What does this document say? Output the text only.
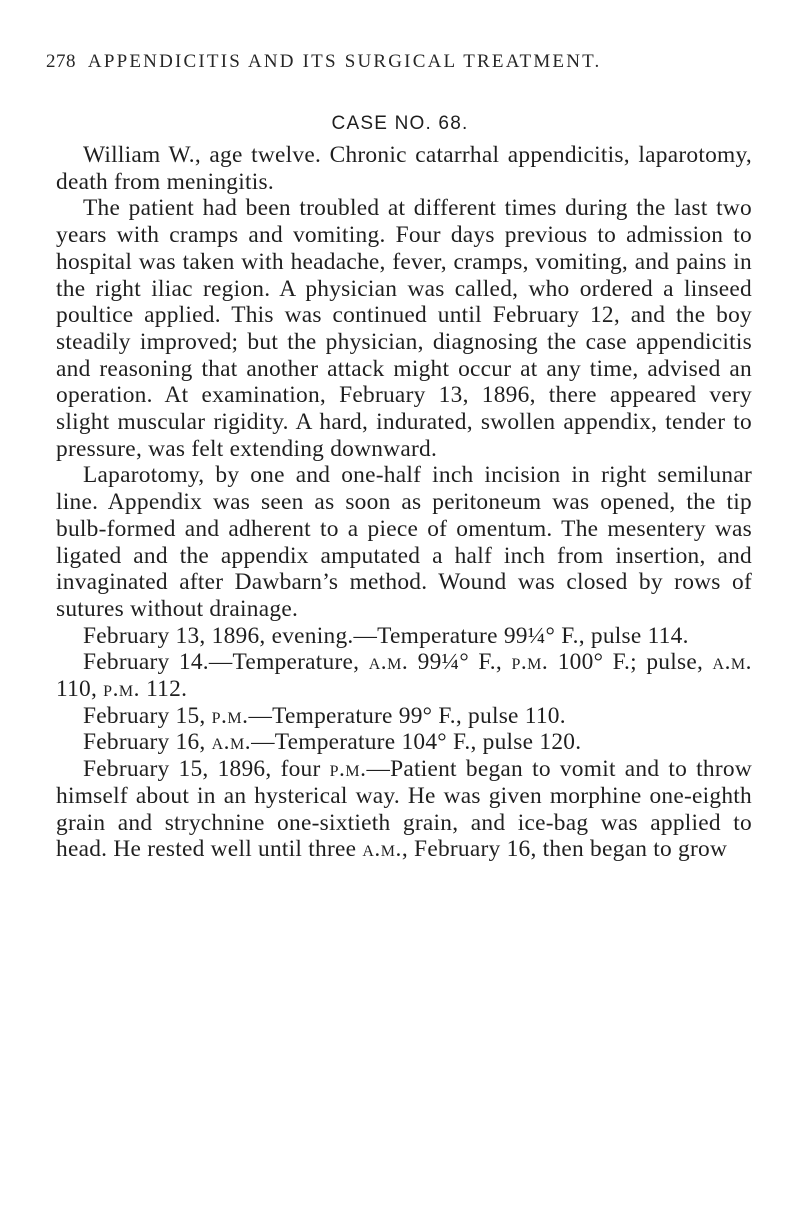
278 APPENDICITIS AND ITS SURGICAL TREATMENT.
CASE NO. 68.

William W., age twelve. Chronic catarrhal appendicitis, laparotomy, death from meningitis.

The patient had been troubled at different times during the last two years with cramps and vomiting. Four days previous to admission to hospital was taken with headache, fever, cramps, vomiting, and pains in the right iliac region. A physician was called, who ordered a linseed poultice applied. This was continued until February 12, and the boy steadily improved; but the physician, diagnosing the case appendicitis and reasoning that another attack might occur at any time, advised an operation. At examination, February 13, 1896, there appeared very slight muscular rigidity. A hard, indurated, swollen appendix, tender to pressure, was felt extending downward.

Laparotomy, by one and one-half inch incision in right semilunar line. Appendix was seen as soon as peritoneum was opened, the tip bulb-formed and adherent to a piece of omentum. The mesentery was ligated and the appendix amputated a half inch from insertion, and invaginated after Dawbarn’s method. Wound was closed by rows of sutures without drainage.

February 13, 1896, evening.—Temperature 99¼° F., pulse 114.

February 14.—Temperature, a.m. 99¼° F., p.m. 100° F.; pulse, a.m. 110, p.m. 112.

February 15, p.m.—Temperature 99° F., pulse 110.

February 16, a.m.—Temperature 104° F., pulse 120.

February 15, 1896, four p.m.—Patient began to vomit and to throw himself about in an hysterical way. He was given morphine one-eighth grain and strychnine one-sixtieth grain, and ice-bag was applied to head. He rested well until three a.m., February 16, then began to grow
